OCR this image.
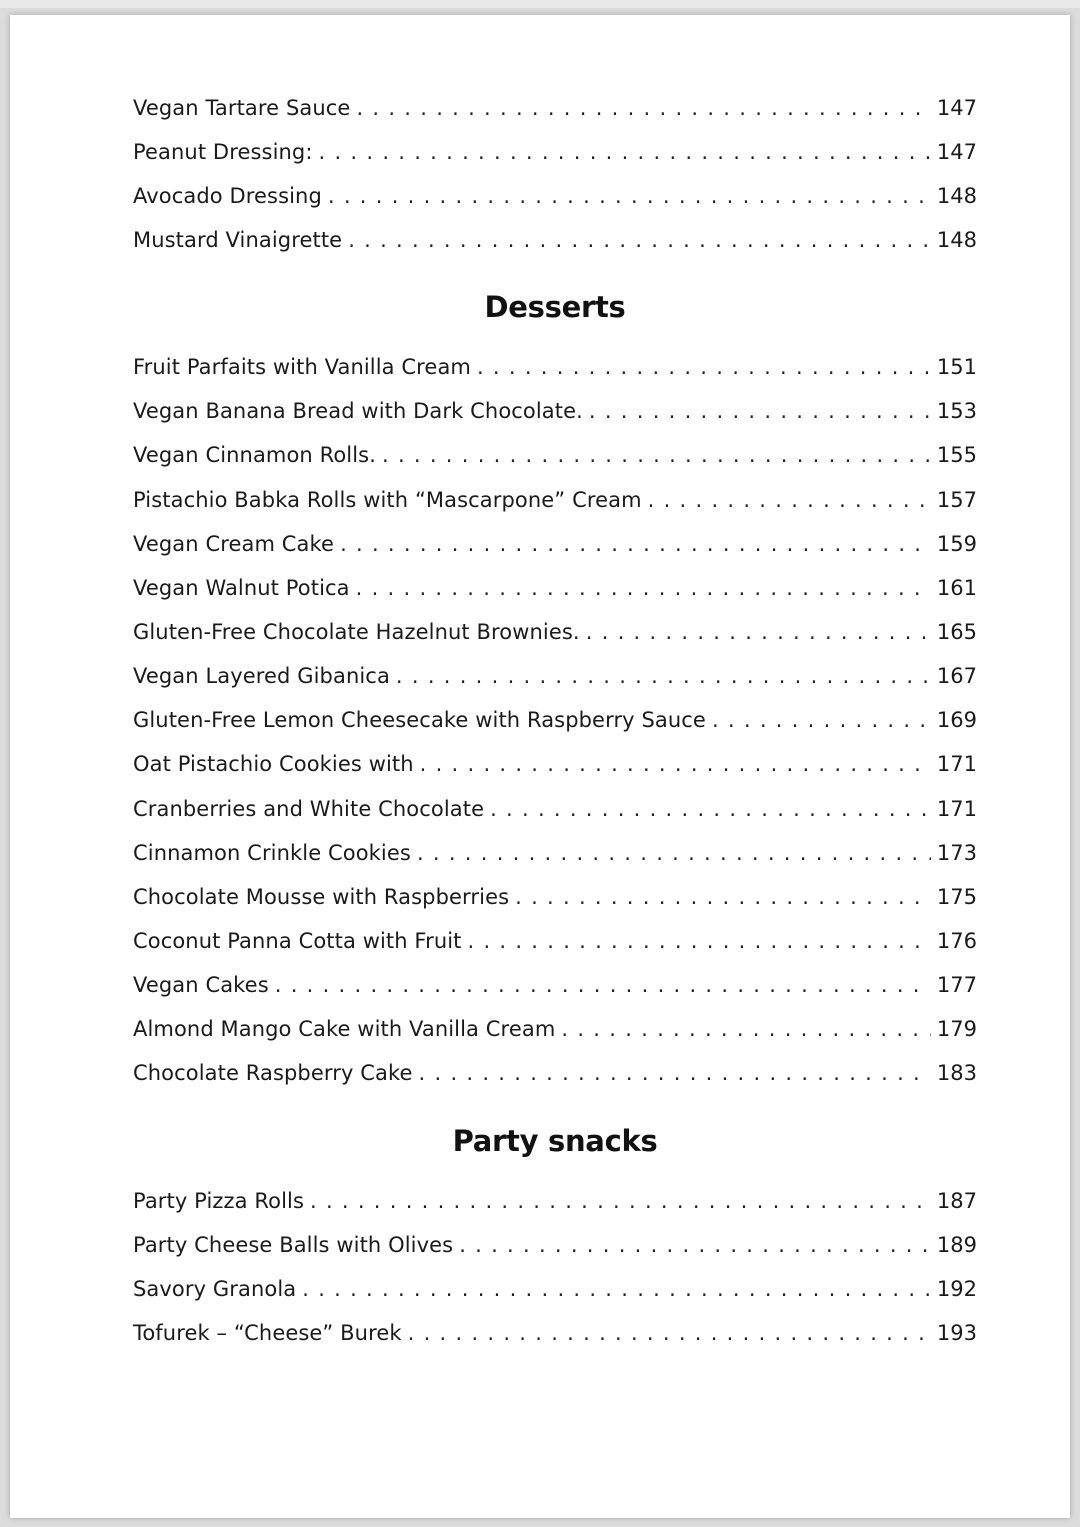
Vegan Tartare Sauce . . .	147
Peanut Dressing: . . .	147
Avocado Dressing . . .	148
Mustard Vinaigrette . . .	148
Desserts
Fruit Parfaits with Vanilla Cream . . .	151
Vegan Banana Bread with Dark Chocolate. . . .	153
Vegan Cinnamon Rolls. . . .	155
Pistachio Babka Rolls with “Mascarpone” Cream . . .	157
Vegan Cream Cake . . .	159
Vegan Walnut Potica . . .	161
Gluten-Free Chocolate Hazelnut Brownies. . . .	165
Vegan Layered Gibanica . . .	167
Gluten-Free Lemon Cheesecake with Raspberry Sauce . . .	169
Oat Pistachio Cookies with . . .	171
Cranberries and White Chocolate . . .	171
Cinnamon Crinkle Cookies . . .	173
Chocolate Mousse with Raspberries . . .	175
Coconut Panna Cotta with Fruit . . .	176
Vegan Cakes . . .	177
Almond Mango Cake with Vanilla Cream . . .	179
Chocolate Raspberry Cake . . .	183
Party snacks
Party Pizza Rolls . . .	187
Party Cheese Balls with Olives . . .	189
Savory Granola . . .	192
Tofurek – “Cheese” Burek . . .	193
